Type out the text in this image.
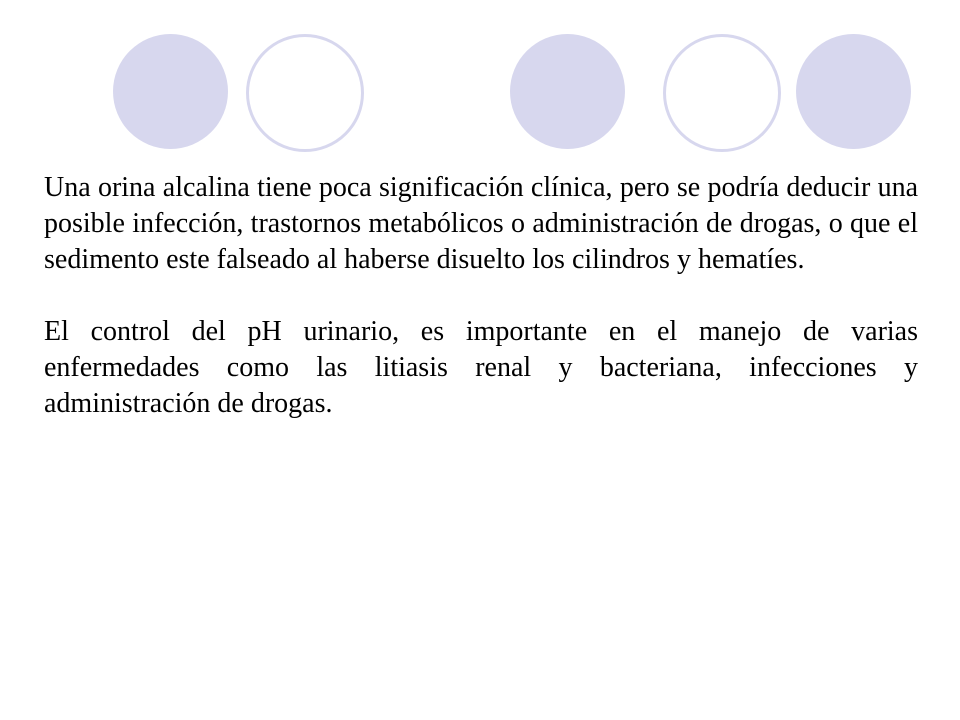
Una orina alcalina tiene poca significación clínica, pero se podría deducir una posible infección, trastornos metabólicos o administración de drogas, o que el sedimento este falseado al haberse disuelto los cilindros y hematíes.

El control del pH urinario, es importante en el manejo de varias enfermedades como las litiasis renal y bacteriana, infecciones y administración de drogas.
